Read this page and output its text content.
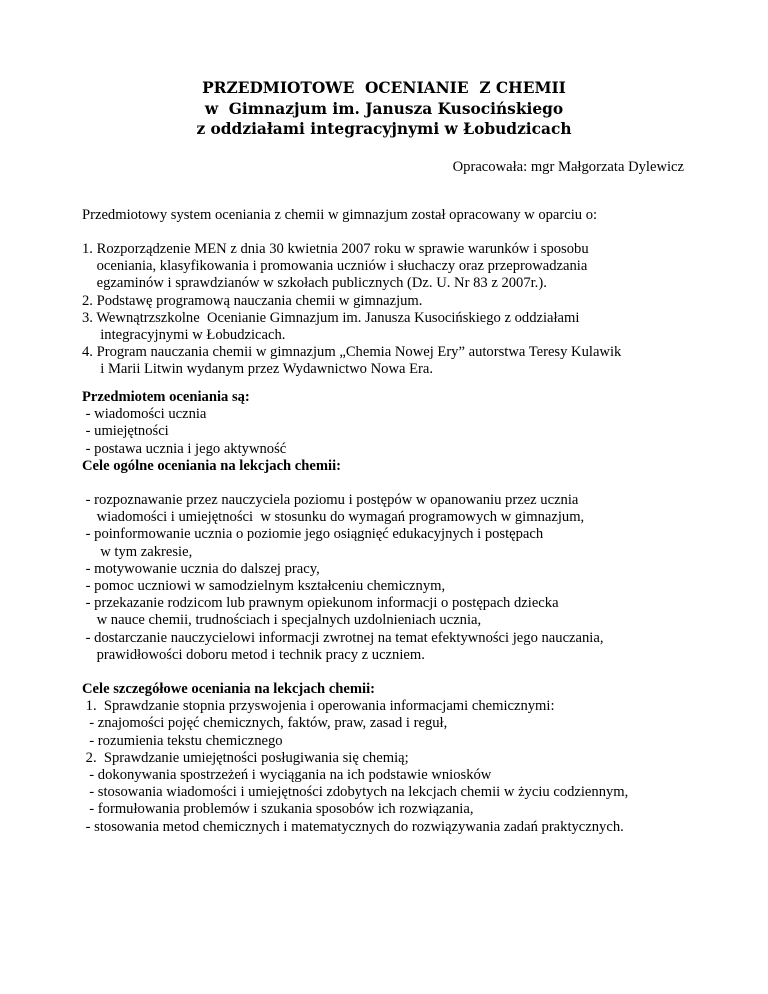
PRZEDMIOTOWE  OCENIANIE  Z CHEMII
w  Gimnazjum im. Janusza Kusocińskiego
z oddziałami integracyjnymi w Łobudzicach
Opracowała: mgr Małgorzata Dylewicz
Przedmiotowy system oceniania z chemii w gimnazjum został opracowany w oparciu o:
1. Rozporządzenie MEN z dnia 30 kwietnia 2007 roku w sprawie warunków i sposobu
oceniania, klasyfikowania i promowania uczniów i słuchaczy oraz przeprowadzania
egzaminów i sprawdzianów w szkołach publicznych (Dz. U. Nr 83 z 2007r.).
2. Podstawę programową nauczania chemii w gimnazjum.
3. Wewnątrzszkolne  Ocenianie Gimnazjum im. Janusza Kusocińskiego z oddziałami
integracyjnymi w Łobudzicach.
4. Program nauczania chemii w gimnazjum „Chemia Nowej Ery” autorstwa Teresy Kulawik
i Marii Litwin wydanym przez Wydawnictwo Nowa Era.
Przedmiotem oceniania są:
- wiadomości ucznia
- umiejętności
- postawa ucznia i jego aktywność
Cele ogólne oceniania na lekcjach chemii:
- rozpoznawanie przez nauczyciela poziomu i postępów w opanowaniu przez ucznia
wiadomości i umiejętności  w stosunku do wymagań programowych w gimnazjum,
- poinformowanie ucznia o poziomie jego osiągnięć edukacyjnych i postępach
w tym zakresie,
- motywowanie ucznia do dalszej pracy,
- pomoc uczniowi w samodzielnym kształceniu chemicznym,
- przekazanie rodzicom lub prawnym opiekunom informacji o postępach dziecka
w nauce chemii, trudnościach i specjalnych uzdolnieniach ucznia,
- dostarczanie nauczycielowi informacji zwrotnej na temat efektywności jego nauczania,
prawidłowości doboru metod i technik pracy z uczniem.
Cele szczegółowe oceniania na lekcjach chemii:
1.  Sprawdzanie stopnia przyswojenia i operowania informacjami chemicznymi:
- znajomości pojęć chemicznych, faktów, praw, zasad i reguł,
- rozumienia tekstu chemicznego
2.  Sprawdzanie umiejętności posługiwania się chemią;
- dokonywania spostrzeżeń i wyciągania na ich podstawie wniosków
- stosowania wiadomości i umiejętności zdobytych na lekcjach chemii w życiu codziennym,
- formułowania problemów i szukania sposobów ich rozwiązania,
- stosowania metod chemicznych i matematycznych do rozwiązywania zadań praktycznych.
